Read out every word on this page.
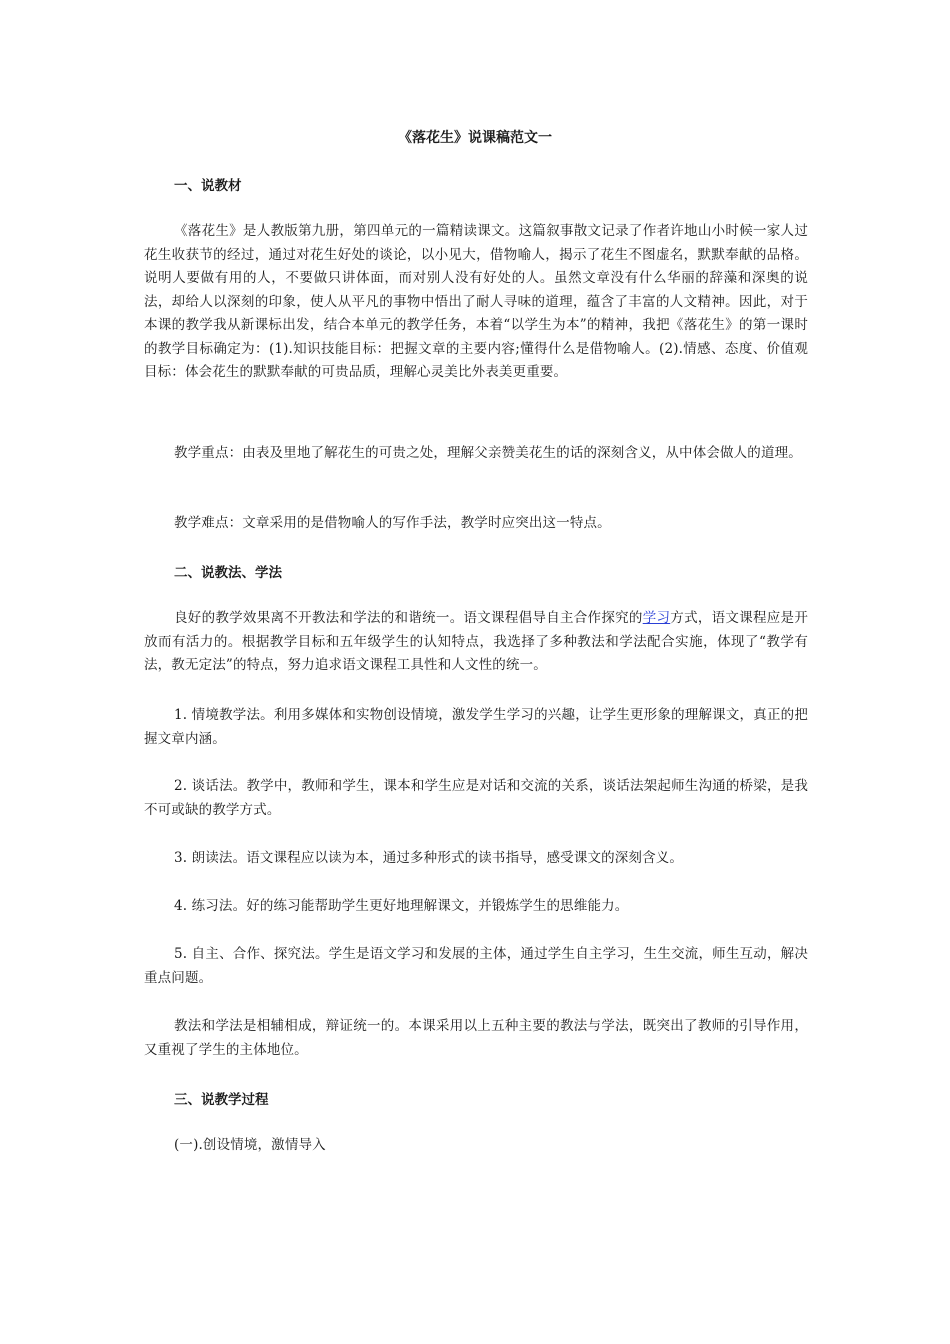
《落花生》说课稿范文一
一、说教材

《落花生》是人教版第九册，第四单元的一篇精读课文。这篇叙事散文记录了作者许地山小时候一家人过花生收获节的经过，通过对花生好处的谈论，以小见大，借物喻人，揭示了花生不图虚名，默默奉献的品格。说明人要做有用的人，不要做只讲体面，而对别人没有好处的人。虽然文章没有什么华丽的辞藻和深奥的说法，却给人以深刻的印象，使人从平凡的事物中悟出了耐人寻味的道理，蕴含了丰富的人文精神。因此，对于本课的教学我从新课标出发，结合本单元的教学任务，本着“以学生为本”的精神，我把《落花生》的第一课时的教学目标确定为：(1).知识技能目标：把握文章的主要内容;懂得什么是借物喻人。(2).情感、态度、价值观目标：体会花生的默默奉献的可贵品质，理解心灵美比外表美更重要。

教学重点：由表及里地了解花生的可贵之处，理解父亲赞美花生的话的深刻含义，从中体会做人的道理。

教学难点：文章采用的是借物喻人的写作手法，教学时应突出这一特点。

二、说教法、学法

良好的教学效果离不开教法和学法的和谐统一。语文课程倡导自主合作探究的学习方式，语文课程应是开放而有活力的。根据教学目标和五年级学生的认知特点，我选择了多种教法和学法配合实施，体现了“教学有法，教无定法”的特点，努力追求语文课程工具性和人文性的统一。

1. 情境教学法。利用多媒体和实物创设情境，激发学生学习的兴趣，让学生更形象的理解课文，真正的把握文章内涵。

2. 谈话法。教学中，教师和学生，课本和学生应是对话和交流的关系，谈话法架起师生沟通的桥梁，是我不可或缺的教学方式。

3. 朗读法。语文课程应以读为本，通过多种形式的读书指导，感受课文的深刻含义。

4. 练习法。好的练习能帮助学生更好地理解课文，并锻炼学生的思维能力。

5. 自主、合作、探究法。学生是语文学习和发展的主体，通过学生自主学习，生生交流，师生互动，解决重点问题。

教法和学法是相辅相成，辩证统一的。本课采用以上五种主要的教法与学法，既突出了教师的引导作用，又重视了学生的主体地位。

三、说教学过程

(一).创设情境，激情导入
